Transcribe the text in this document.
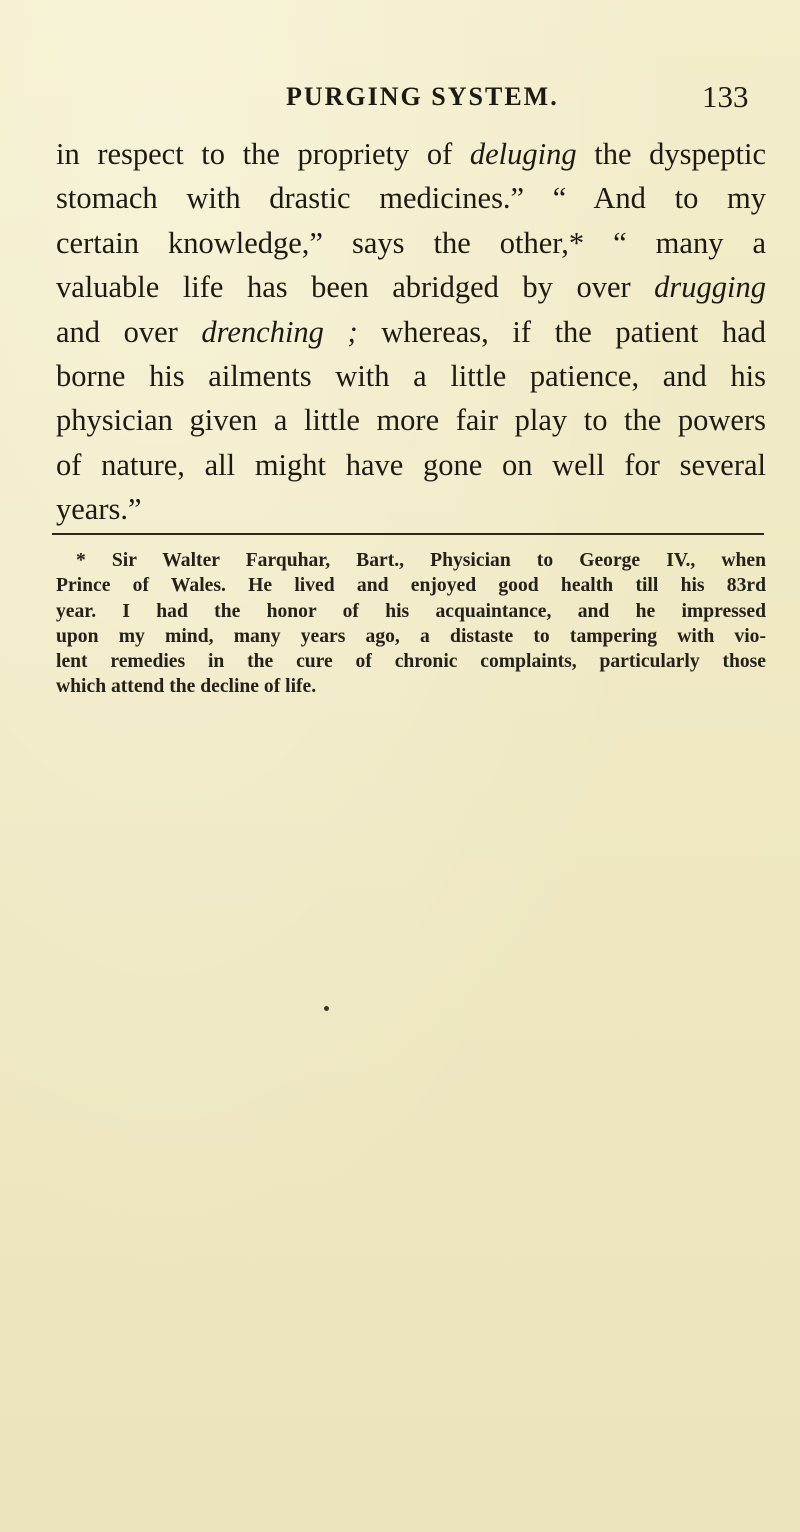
PURGING SYSTEM.	133
in respect to the propriety of deluging the dyspeptic
stomach with drastic medicines.” “ And to my
certain knowledge,” says the other,* “ many a
valuable life has been abridged by over drugging
and over drenching ; whereas, if the patient had
borne his ailments with a little patience, and his
physician given a little more fair play to the powers
of nature, all might have gone on well for several
years.”
* Sir Walter Farquhar, Bart., Physician to George IV., when
Prince of Wales. He lived and enjoyed good health till his 83rd
year. I had the honor of his acquaintance, and he impressed
upon my mind, many years ago, a distaste to tampering with vio-
lent remedies in the cure of chronic complaints, particularly those
which attend the decline of life.
